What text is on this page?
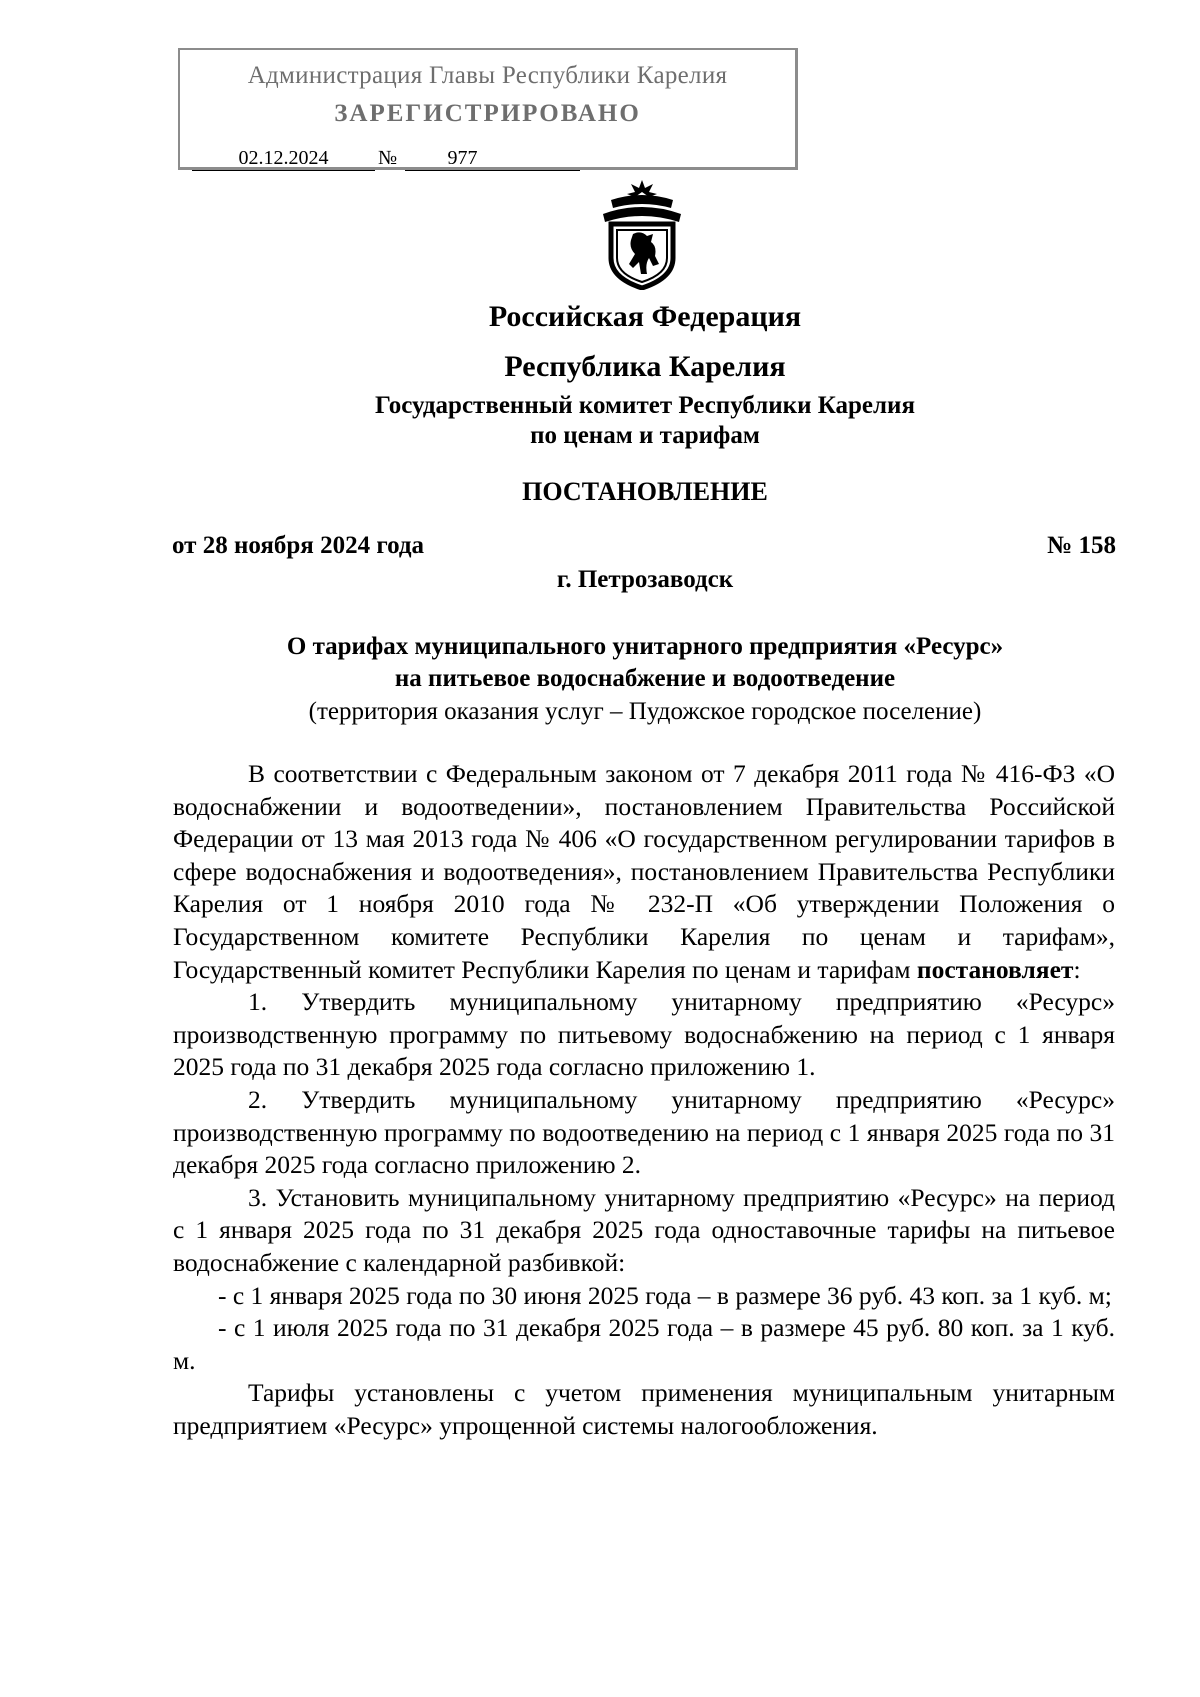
Администрация Главы Республики Карелия
ЗАРЕГИСТРИРОВАНО
02.12.2024	№	977
Российская Федерация
Республика Карелия
Государственный комитет Республики Карелия
по ценам и тарифам
ПОСТАНОВЛЕНИЕ
от 28 ноября 2024 года	№ 158
г. Петрозаводск
О тарифах муниципального унитарного предприятия «Ресурс»
на питьевое водоснабжение и водоотведение
(территория оказания услуг – Пудожское городское поселение)

В соответствии с Федеральным законом от 7 декабря 2011 года № 416-ФЗ «О водоснабжении и водоотведении», постановлением Правительства Российской Федерации от 13 мая 2013 года № 406 «О государственном регулировании тарифов в сфере водоснабжения и водоотведения», постановлением Правительства Республики Карелия от 1 ноября 2010 года № 232-П «Об утверждении Положения о Государственном комитете Республики Карелия по ценам и тарифам», Государственный комитет Республики Карелия по ценам и тарифам постановляет:

1. Утвердить муниципальному унитарному предприятию «Ресурс» производственную программу по питьевому водоснабжению на период с 1 января 2025 года по 31 декабря 2025 года согласно приложению 1.

2. Утвердить муниципальному унитарному предприятию «Ресурс» производственную программу по водоотведению на период с 1 января 2025 года по 31 декабря 2025 года согласно приложению 2.

3. Установить муниципальному унитарному предприятию «Ресурс» на период с 1 января 2025 года по 31 декабря 2025 года одноставочные тарифы на питьевое водоснабжение с календарной разбивкой:

- с 1 января 2025 года по 30 июня 2025 года – в размере 36 руб. 43 коп. за 1 куб. м;

- с 1 июля 2025 года по 31 декабря 2025 года – в размере 45 руб. 80 коп. за 1 куб. м.

Тарифы установлены с учетом применения муниципальным унитарным предприятием «Ресурс» упрощенной системы налогообложения.
